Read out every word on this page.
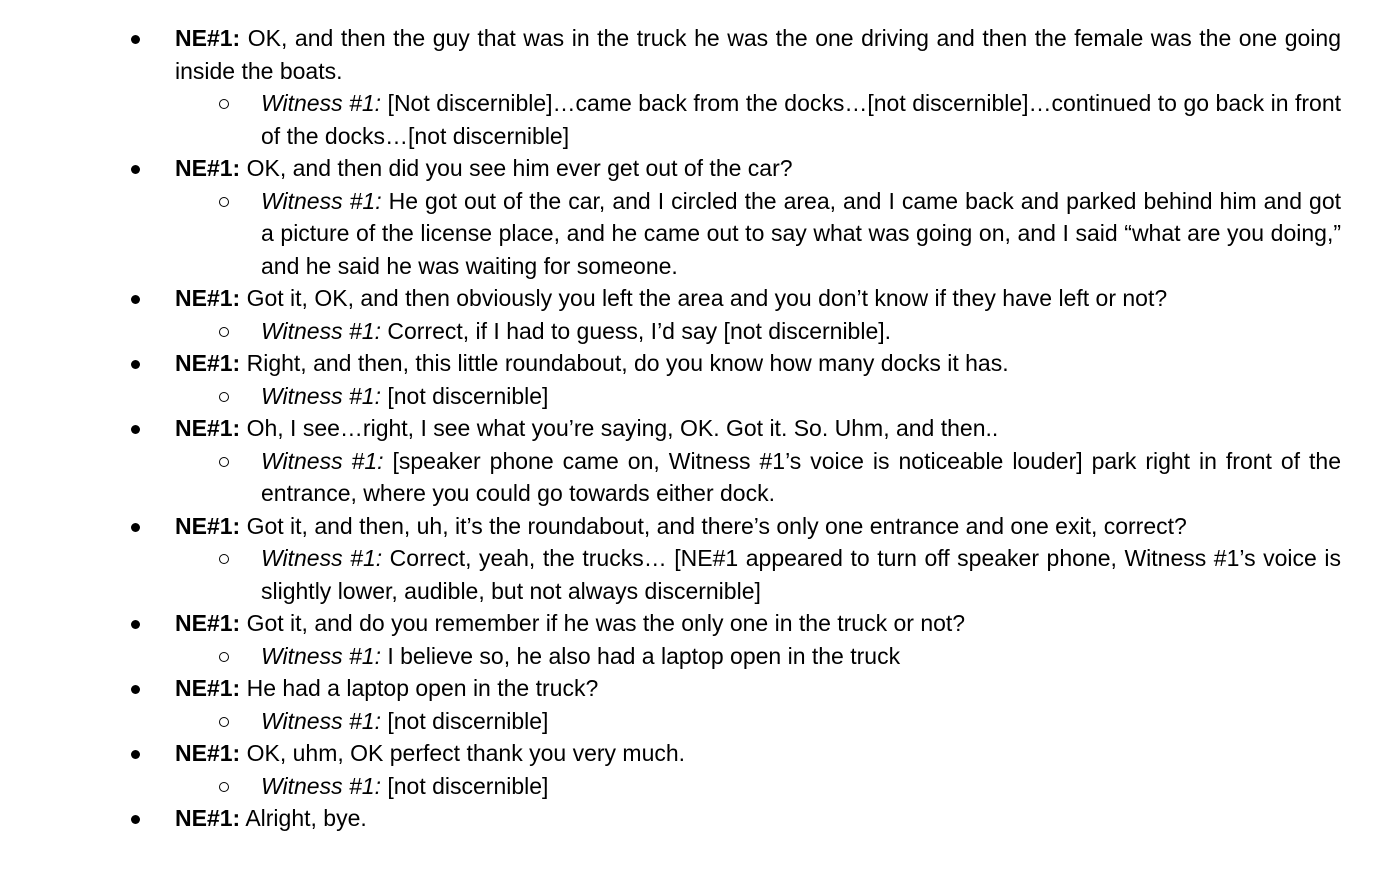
NE#1: OK, and then the guy that was in the truck he was the one driving and then the female was the one going inside the boats.
Witness #1: [Not discernible]…came back from the docks…[not discernible]…continued to go back in front of the docks…[not discernible]
NE#1: OK, and then did you see him ever get out of the car?
Witness #1: He got out of the car, and I circled the area, and I came back and parked behind him and got a picture of the license place, and he came out to say what was going on, and I said “what are you doing,” and he said he was waiting for someone.
NE#1: Got it, OK, and then obviously you left the area and you don’t know if they have left or not?
Witness #1: Correct, if I had to guess, I’d say [not discernible].
NE#1: Right, and then, this little roundabout, do you know how many docks it has.
Witness #1: [not discernible]
NE#1: Oh, I see…right, I see what you’re saying, OK. Got it. So. Uhm, and then..
Witness #1: [speaker phone came on, Witness #1’s voice is noticeable louder] park right in front of the entrance, where you could go towards either dock.
NE#1: Got it, and then, uh, it’s the roundabout, and there’s only one entrance and one exit, correct?
Witness #1: Correct, yeah, the trucks… [NE#1 appeared to turn off speaker phone, Witness #1’s voice is slightly lower, audible, but not always discernible]
NE#1: Got it, and do you remember if he was the only one in the truck or not?
Witness #1: I believe so, he also had a laptop open in the truck
NE#1: He had a laptop open in the truck?
Witness #1: [not discernible]
NE#1: OK, uhm, OK perfect thank you very much.
Witness #1: [not discernible]
NE#1: Alright, bye.
